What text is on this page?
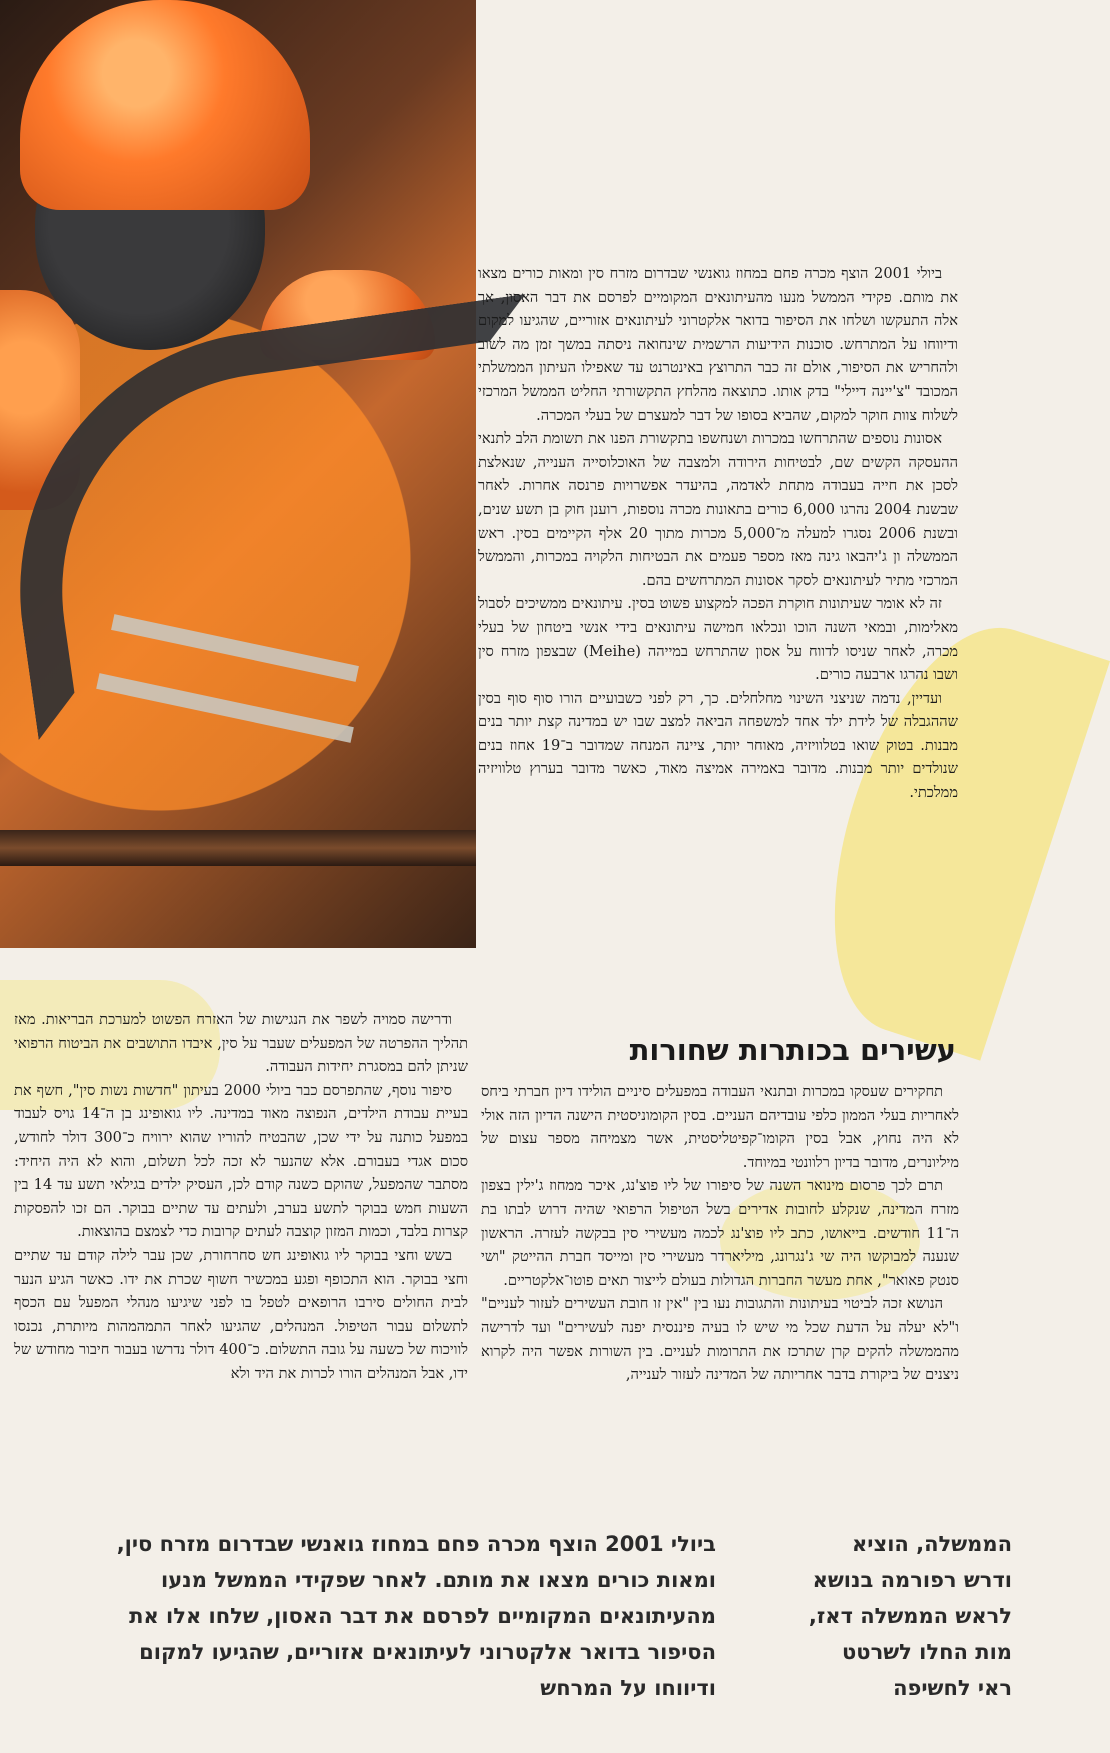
ביולי 2001 הוצף מכרה פחם במחוז גואנשי שבדרום מזרח סין ומאות כורים מצאו את מותם. פקידי הממשל מנעו מהעיתונאים המקומיים לפרסם את דבר האסון, אך אלה התעקשו ושלחו את הסיפור בדואר אלקטרוני לעיתונאים אזוריים, שהגיעו למקום ודיווחו על המתרחש. סוכנות הידיעות הרשמית שינחואה ניסתה במשך זמן מה לשוב ולהחריש את הסיפור, אולם זה כבר התרוצץ באינטרנט עד שאפילו העיתון הממשלתי המכובד "צ'יינה דיילי" בדק אותו. כתוצאה מהלחץ התקשורתי החליט הממשל המרכזי לשלוח צוות חוקר למקום, שהביא בסופו של דבר למעצרם של בעלי המכרה.

אסונות נוספים שהתרחשו במכרות ושנחשפו בתקשורת הפנו את תשומת הלב לתנאי ההעסקה הקשים שם, לבטיחות הירודה ולמצבה של האוכלוסייה הענייה, שנאלצת לסכן את חייה בעבודה מתחת לאדמה, בהיעדר אפשרויות פרנסה אחרות. לאחר שבשנת 2004 נהרגו 6,000 כורים בתאונות מכרה נוספות, רוענן חוק בן תשע שנים, ובשנת 2006 נסגרו למעלה מ־5,000 מכרות מתוך 20 אלף הקיימים בסין. ראש הממשלה ון ג'יהבאו גינה מאז מספר פעמים את הבטיחות הלקויה במכרות, והממשל המרכזי מתיר לעיתונאים לסקר אסונות המתרחשים בהם.

זה לא אומר שעיתונות חוקרת הפכה למקצוע פשוט בסין. עיתונאים ממשיכים לסבול מאלימות, ובמאי השנה הוכו ונכלאו חמישה עיתונאים בידי אנשי ביטחון של בעלי מכרה, לאחר שניסו לדווח על אסון שהתרחש במייהה (Meihe) שבצפון מזרח סין ושבו נהרגו ארבעה כורים.

ועדיין, נדמה שניצני השינוי מחלחלים. כך, רק לפני כשבועיים הורו סוף סוף בסין שההגבלה של לידת ילד אחד למשפחה הביאה למצב שבו יש במדינה קצת יותר בנים מבנות. בטוק שואו בטלוויזיה, מאוחר יותר, ציינה המנחה שמדובר ב־19 אחוז בנים שנולדים יותר מבנות. מדובר באמירה אמיצה מאוד, כאשר מדובר בערוץ טלוויזיה ממלכתי.

עשירים בכותרות שחורות

תחקירים שעסקו במכרות ובתנאי העבודה במפעלים סיניים הולידו דיון חברתי ביחס לאחריות בעלי הממון כלפי עובדיהם העניים. בסין הקומוניסטית הישנה הדיון הזה אולי לא היה נחוץ, אבל בסין הקומו־קפיטליסטית, אשר מצמיחה מספר עצום של מיליונרים, מדובר בדיון רלוונטי במיוחד.

תרם לכך פרסום מינואר השנה של סיפורו של ליו פוצ'נג, איכר ממחוז ג'ילין בצפון מזרח המדינה, שנקלע לחובות אדירים בשל הטיפול הרפואי שהיה דרוש לבתו בת ה־11 חודשים. בייאושו, כתב ליו פוצ'נג לכמה מעשירי סין בבקשה לעזרה. הראשון שנענה למבוקשו היה שי ג'נגרונג, מיליארדר מעשירי סין ומייסד חברת ההייטק "ושי סנטק פאואר", אחת מעשר החברות הגדולות בעולם לייצור תאים פוטו־אלקטריים.

הנושא זכה לביטוי בעיתונות והתגובות נעו בין "אין זו חובת העשירים לעזור לעניים" ו"לא יעלה על הדעת שכל מי שיש לו בעיה פיננסית יפנה לעשירים" ועד לדרישה מהממשלה להקים קרן שתרכז את התרומות לעניים. בין השורות אפשר היה לקרוא ניצנים של ביקורת בדבר אחריותה של המדינה לעזור לענייה,

ודרישה סמויה לשפר את הנגישות של האזרח הפשוט למערכת הבריאות. מאז תהליך ההפרטה של המפעלים שעבר על סין, איבדו התושבים את הביטוח הרפואי שניתן להם במסגרת יחידות העבודה.

סיפור נוסף, שהתפרסם כבר ביולי 2000 בעיתון "חדשות נשות סין", חשף את בעיית עבודת הילדים, הנפוצה מאוד במדינה. ליו גואופינג בן ה־14 גויס לעבוד במפעל כותנה על ידי שכן, שהבטיח להוריו שהוא ירוויח כ־300 דולר לחודש, סכום אגדי בעבורם. אלא שהנער לא זכה לכל תשלום, והוא לא היה היחיד: מסתבר שהמפעל, שהוקם כשנה קודם לכן, העסיק ילדים בגילאי תשע עד 14 בין השעות חמש בבוקר לתשע בערב, ולעתים עד שתיים בבוקר. הם זכו להפסקות קצרות בלבד, וכמות המזון קוצבה לעתים קרובות כדי לצמצם בהוצאות.

בשש וחצי בבוקר ליו גואופינג חש סחרחורת, שכן עבר לילה קודם עד שתיים וחצי בבוקר. הוא התכופף ופגע במכשיר חשוף שכרת את ידו. כאשר הגיע הנער לבית החולים סירבו הרופאים לטפל בו לפני שיגיעו מנהלי המפעל עם הכסף לתשלום עבור הטיפול. המנהלים, שהגיעו לאחר התמהמהות מיותרת, נכנסו לוויכוח של כשעה על גובה התשלום. כ־400 דולר נדרשו בעבור חיבור מחודש של ידו, אבל המנהלים הורו לכרות את היד ולא

ביולי 2001 הוצף מכרה פחם במחוז גואנשי שבדרום מזרח סין,

ומאות כורים מצאו את מותם. לאחר שפקידי הממשל מנעו

מהעיתונאים המקומיים לפרסם את דבר האסון, שלחו אלו את

הסיפור בדואר אלקטרוני לעיתונאים אזוריים, שהגיעו למקום

ודיווחו על המרחש

הממשלה, הוציא

ודרש רפורמה בנושא

לראש הממשלה דאז,

מות החלו לשרטט

ראי לחשיפה
